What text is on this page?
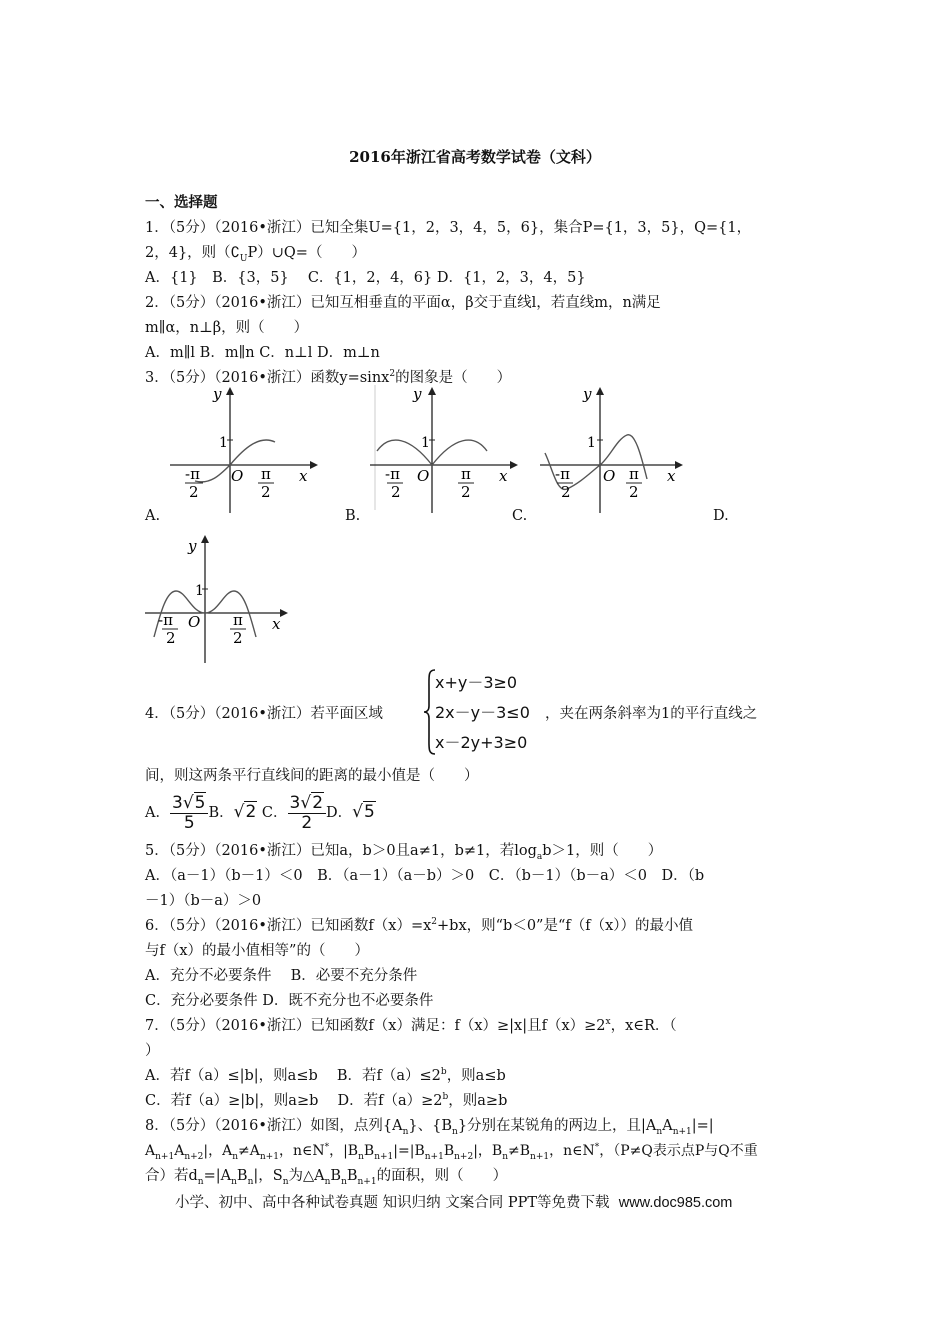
2016年浙江省高考数学试卷（文科）
一、选择题
1．（5分）（2016•浙江）已知全集U={1，2，3，4，5，6}，集合P={1，3，5}，Q={1，
2，4}，则$(∁_UP)\cup Q=$（　　）
A．{1}　B．{3，5}　 C．{1，2，4，6} D．{1，2，3，4，5}
2．（5分）（2016•浙江）已知互相垂直的平面α，β交于直线l，若直线m，n满足
m∥α，n⊥β，则（　　）
A．m∥l B．m∥n C．n⊥l D．m⊥n
3．（5分）（2016•浙江）函数y=sinx$^2$的图象是（　　）
y
x
O
1
-π
2
π
2
y
x
O
1
-π
2
π
2
y
x
O
1
-π
2
π
2
A.	B.	C.	D.
y
x
O
1
-π
2
π
2
4．（5分）（2016•浙江）若平面区域
x+y－3≥0
2x－y－3≤0
x－2y+3≥0
，夹在两条斜率为1的平行直线之
间，则这两条平行直线间的距离的最小值是（　　）
A． $\frac{3√5}{5}$ B．√2 C． $\frac{3√2}{2}$ D．√5
5．（5分）（2016•浙江）已知a，b＞0且a≠1，b≠1，若$\log_ab>1$，则（　　）
A．（a－1）（b－1）＜0　B．（a－1）（a－b）＞0　C．（b－1）（b－a）＜0　D．（b
－1）（b－a）＞0
6．（5分）（2016•浙江）已知函数$f(x)=x^2+bx$，则“b＜0”是“f（f（x））的最小值
与f（x）的最小值相等”的（　　）
A．充分不必要条件　 B．必要不充分条件
C．充分必要条件 D．既不充分也不必要条件
7．（5分）（2016•浙江）已知函数f（x）满足：f（x）≥|x|且$f(x)\ge 2^x$，x∈R．（
）
A．若f（a）≤|b|，则a≤b　 B．若$f(a)\le 2^b$，则a≤b
C．若f（a）≥|b|，则a≥b　 D．若$f(a)\ge 2^b$，则a≥b
8．（5分）（2016•浙江）如图，点列$\{A_n\}$、$\{B_n\}$分别在某锐角的两边上，且$|A_nA_{n+1}|=|$
$A_{n+1}A_{n+2}|$，$A_n\ne A_{n+1}$，n∈N*，$|B_nB_{n+1}|=|B_{n+1}B_{n+2}|$，$B_n\ne B_{n+1}$，n∈N*，（P≠Q表示点P与Q不重
合）若$d_n=|A_nB_n|$，$S_n$为$\triangle A_nB_nB_{n+1}$的面积，则（　　）
小学、初中、高中各种试卷真题 知识归纳 文案合同 PPT等免费下载 www.doc985.com
